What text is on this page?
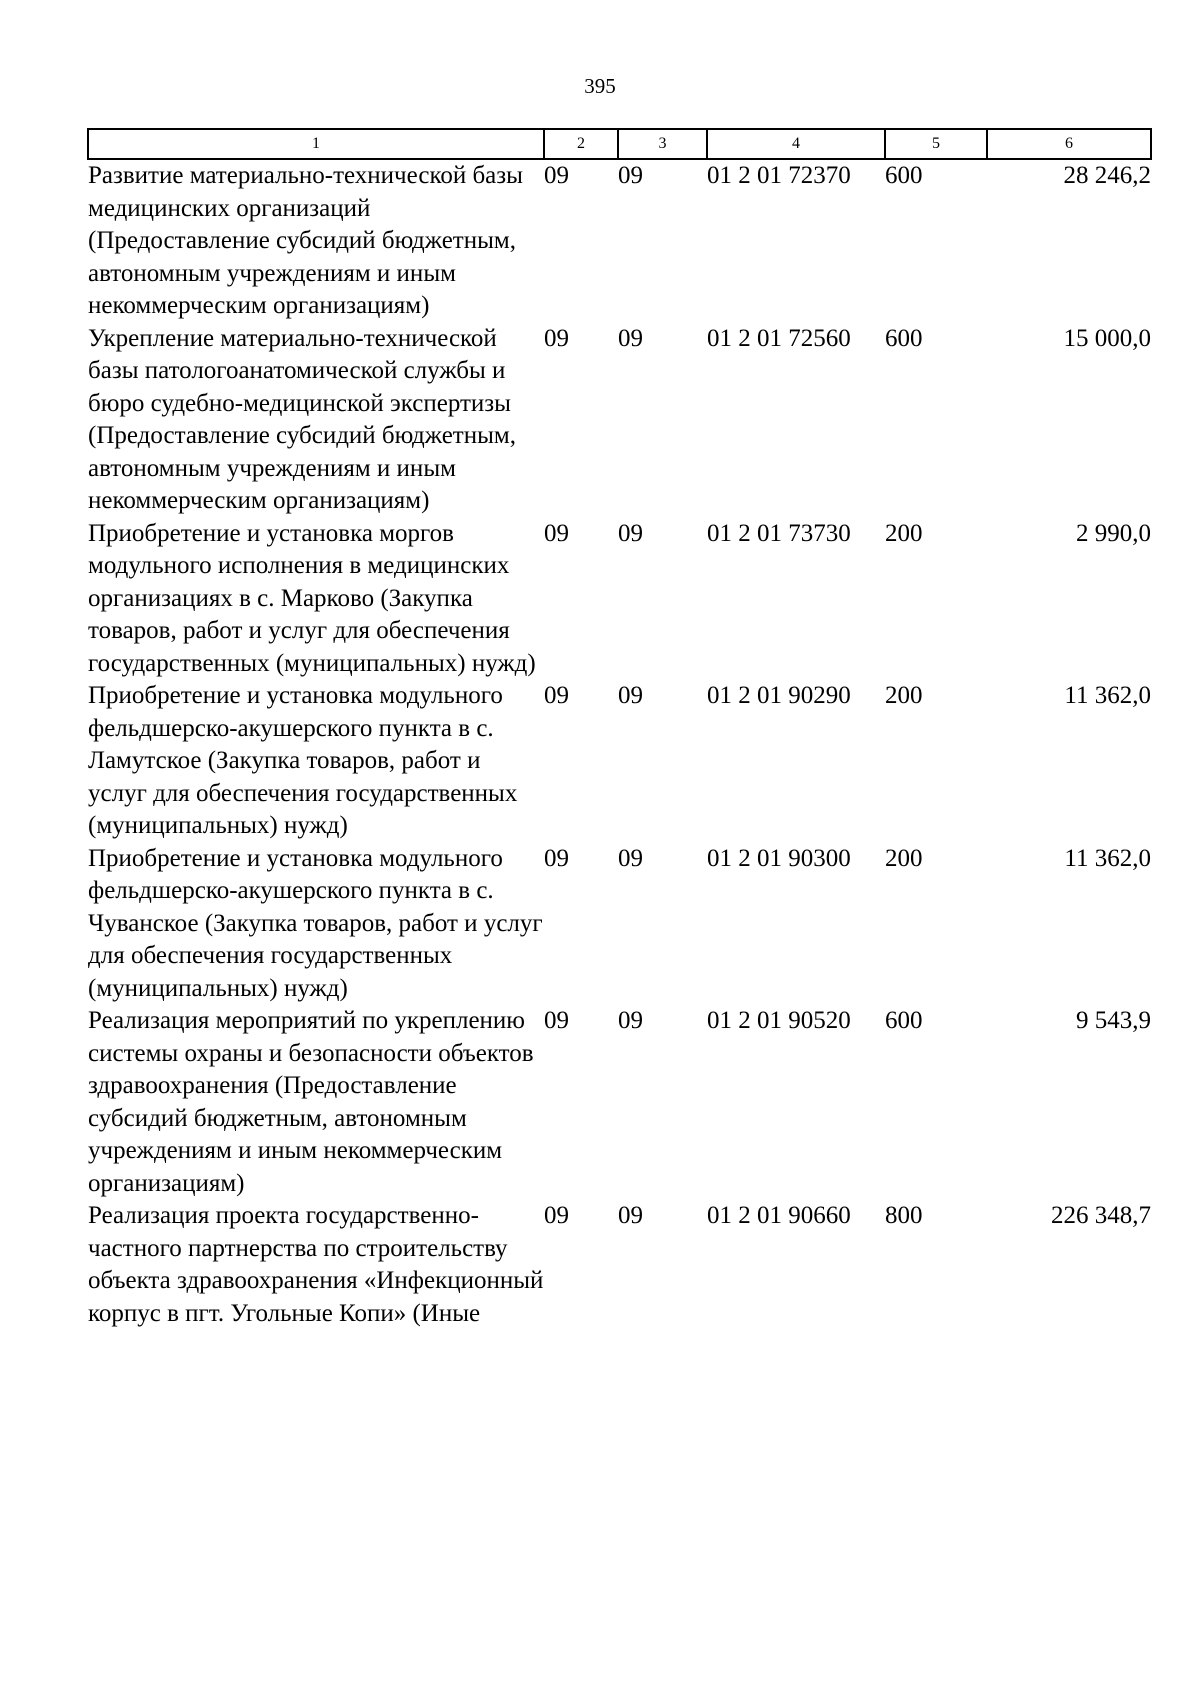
395
1	2	3	4	5	6
Развитие материально-технической базы медицинских организаций (Предоставление субсидий бюджетным, автономным учреждениям и иным некоммерческим организациям)	09	09	01 2 01 72370	600	28 246,2
Укрепление материально-технической базы патологоанатомической службы и бюро судебно-медицинской экспертизы (Предоставление субсидий бюджетным, автономным учреждениям и иным некоммерческим организациям)	09	09	01 2 01 72560	600	15 000,0
Приобретение и установка моргов модульного исполнения в медицинских организациях в с. Марково (Закупка товаров, работ и услуг для обеспечения государственных (муниципальных) нужд)	09	09	01 2 01 73730	200	2 990,0
Приобретение и установка модульного фельдшерско-акушерского пункта в с. Ламутское (Закупка товаров, работ и услуг для обеспечения государственных (муниципальных) нужд)	09	09	01 2 01 90290	200	11 362,0
Приобретение и установка модульного фельдшерско-акушерского пункта в с. Чуванское (Закупка товаров, работ и услуг для обеспечения государственных (муниципальных) нужд)	09	09	01 2 01 90300	200	11 362,0
Реализация мероприятий по укреплению системы охраны и безопасности объектов здравоохранения (Предоставление субсидий бюджетным, автономным учреждениям и иным некоммерческим организациям)	09	09	01 2 01 90520	600	9 543,9
Реализация проекта государственно-частного партнерства по строительству объекта здравоохранения «Инфекционный корпус в пгт. Угольные Копи» (Иные	09	09	01 2 01 90660	800	226 348,7
